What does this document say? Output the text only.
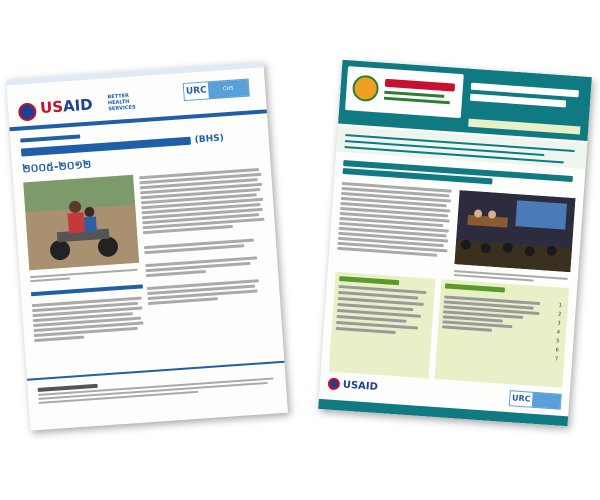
USAID
	BETTER HEALTH SERVICES
URC	CHS
(BHS)
២០០៥-២០១២
1
2
3
4
5
6
7
USAID
URC
